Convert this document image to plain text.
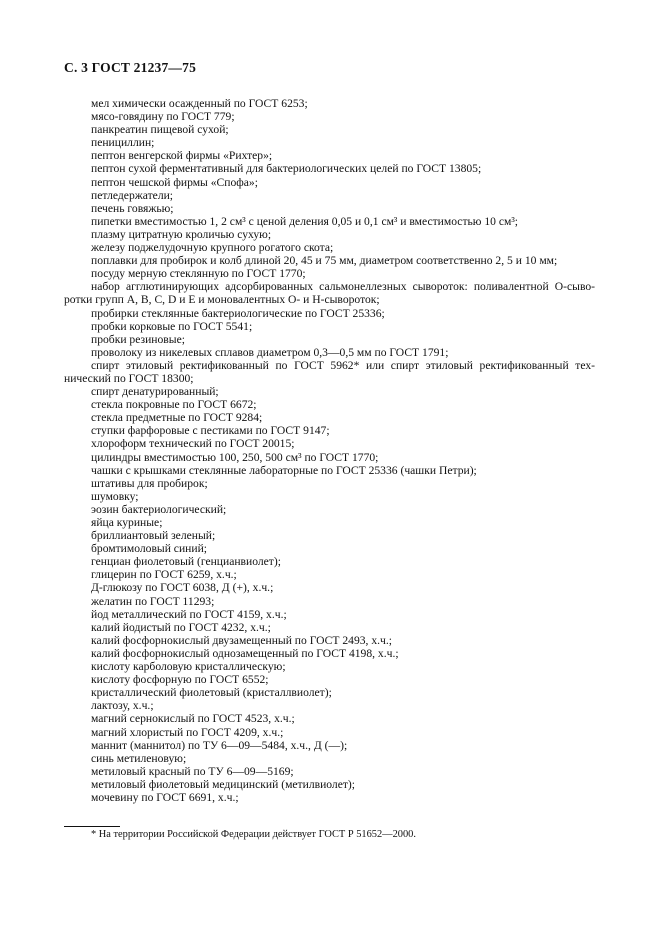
С. 3 ГОСТ 21237—75
мел химически осажденный по ГОСТ 6253;
мясо-говядину по ГОСТ 779;
панкреатин пищевой сухой;
пенициллин;
пептон венгерской фирмы «Рихтер»;
пептон сухой ферментативный для бактериологических целей по ГОСТ 13805;
пептон чешской фирмы «Спофа»;
петледержатели;
печень говяжью;
пипетки вместимостью 1, 2 см³ с ценой деления 0,05 и 0,1 см³ и вместимостью 10 см³;
плазму цитратную кроличью сухую;
железу поджелудочную крупного рогатого скота;
поплавки для пробирок и колб длиной 20, 45 и 75 мм, диаметром соответственно 2, 5 и 10 мм;
посуду мерную стеклянную по ГОСТ 1770;
набор агглютинирующих адсорбированных сальмонеллезных сывороток: поливалентной О-сыво-
ротки групп A, B, C, D и E и моновалентных О- и Н-сывороток;
пробирки стеклянные бактериологические по ГОСТ 25336;
пробки корковые по ГОСТ 5541;
пробки резиновые;
проволоку из никелевых сплавов диаметром 0,3—0,5 мм по ГОСТ 1791;
спирт этиловый ректификованный по ГОСТ 5962* или спирт этиловый ректификованный тех-
нический по ГОСТ 18300;
спирт денатурированный;
стекла покровные по ГОСТ 6672;
стекла предметные по ГОСТ 9284;
ступки фарфоровые с пестиками по ГОСТ 9147;
хлороформ технический по ГОСТ 20015;
цилиндры вместимостью 100, 250, 500 см³ по ГОСТ 1770;
чашки с крышками стеклянные лабораторные по ГОСТ 25336 (чашки Петри);
штативы для пробирок;
шумовку;
эозин бактериологический;
яйца куриные;
бриллиантовый зеленый;
бромтимоловый синий;
генциан фиолетовый (генцианвиолет);
глицерин по ГОСТ 6259, х.ч.;
Д-глюкозу по ГОСТ 6038, Д (+), х.ч.;
желатин по ГОСТ 11293;
йод металлический по ГОСТ 4159, х.ч.;
калий йодистый по ГОСТ 4232, х.ч.;
калий фосфорнокислый двузамещенный по ГОСТ 2493, х.ч.;
калий фосфорнокислый однозамещенный по ГОСТ 4198, х.ч.;
кислоту карболовую кристаллическую;
кислоту фосфорную по ГОСТ 6552;
кристаллический фиолетовый (кристаллвиолет);
лактозу, х.ч.;
магний сернокислый по ГОСТ 4523, х.ч.;
магний хлористый по ГОСТ 4209, х.ч.;
маннит (маннитол) по ТУ 6—09—5484, х.ч., Д (—);
синь метиленовую;
метиловый красный по ТУ 6—09—5169;
метиловый фиолетовый медицинский (метилвиолет);
мочевину по ГОСТ 6691, х.ч.;
* На территории Российской Федерации действует ГОСТ Р 51652—2000.
